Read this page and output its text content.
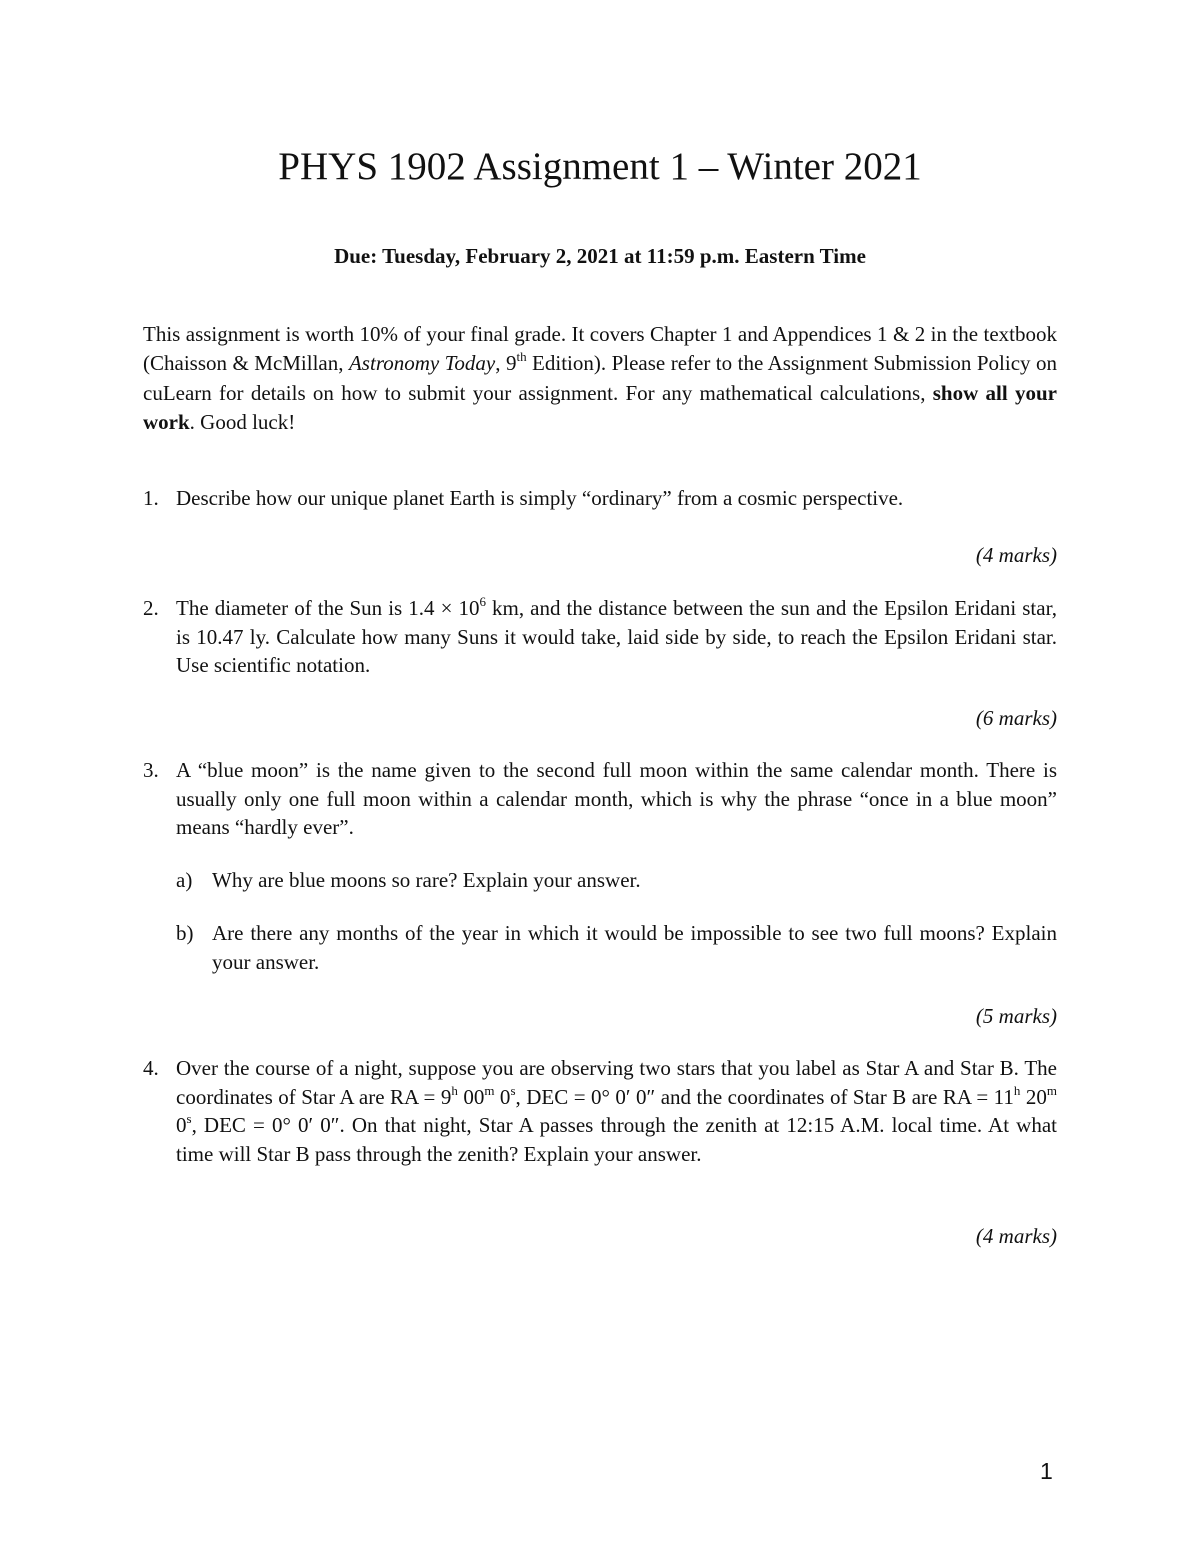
PHYS 1902 Assignment 1 – Winter 2021
Due: Tuesday, February 2, 2021 at 11:59 p.m. Eastern Time

This assignment is worth 10% of your final grade. It covers Chapter 1 and Appendices 1 & 2 in the textbook (Chaisson & McMillan, Astronomy Today, 9th Edition). Please refer to the Assignment Submission Policy on cuLearn for details on how to submit your assignment. For any mathematical calculations, show all your work. Good luck!

1. Describe how our unique planet Earth is simply “ordinary” from a cosmic perspective.
(4 marks)
2. The diameter of the Sun is $1.4 \times 10^6$ km, and the distance between the sun and the Epsilon Eridani star, is 10.47 ly. Calculate how many Suns it would take, laid side by side, to reach the Epsilon Eridani star. Use scientific notation.
(6 marks)
3. A “blue moon” is the name given to the second full moon within the same calendar month. There is usually only one full moon within a calendar month, which is why the phrase “once in a blue moon” means “hardly ever”.
a) Why are blue moons so rare? Explain your answer.
b) Are there any months of the year in which it would be impossible to see two full moons? Explain your answer.
(5 marks)
4. Over the course of a night, suppose you are observing two stars that you label as Star A and Star B. The coordinates of Star A are RA = $9^h$ 00$^m$ 0$^s$, DEC = 0° 0′ 0″ and the coordinates of Star B are RA = $11^h$ 20$^m$ 0$^s$, DEC = 0° 0′ 0″. On that night, Star A passes through the zenith at 12:15 A.M. local time. At what time will Star B pass through the zenith? Explain your answer.
(4 marks)
1
